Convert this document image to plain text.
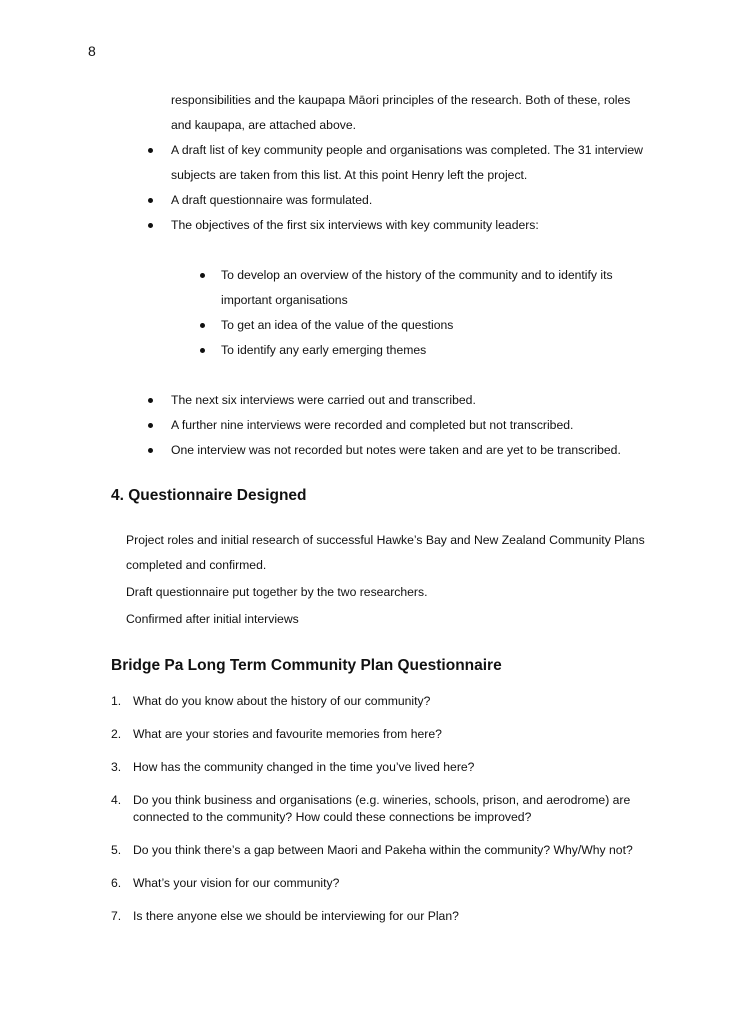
8
responsibilities and the kaupapa Māori principles of the research. Both of these, roles and kaupapa, are attached above.
A draft list of key community people and organisations was completed. The 31 interview subjects are taken from this list. At this point Henry left the project.
A draft questionnaire was formulated.
The objectives of the first six interviews with key community leaders:
To develop an overview of the history of the community and to identify its important organisations
To get an idea of the value of the questions
To identify any early emerging themes
The next six interviews were carried out and transcribed.
A further nine interviews were recorded and completed but not transcribed.
One interview was not recorded but notes were taken and are yet to be transcribed.
4. Questionnaire Designed
Project roles and initial research of successful Hawke’s Bay and New Zealand Community Plans completed and confirmed.
Draft questionnaire put together by the two researchers.
Confirmed after initial interviews
Bridge Pa Long Term Community Plan Questionnaire
1. What do you know about the history of our community?
2. What are your stories and favourite memories from here?
3. How has the community changed in the time you’ve lived here?
4. Do you think business and organisations (e.g. wineries, schools, prison, and aerodrome) are connected to the community? How could these connections be improved?
5. Do you think there’s a gap between Maori and Pakeha within the community? Why/Why not?
6. What’s your vision for our community?
7. Is there anyone else we should be interviewing for our Plan?
